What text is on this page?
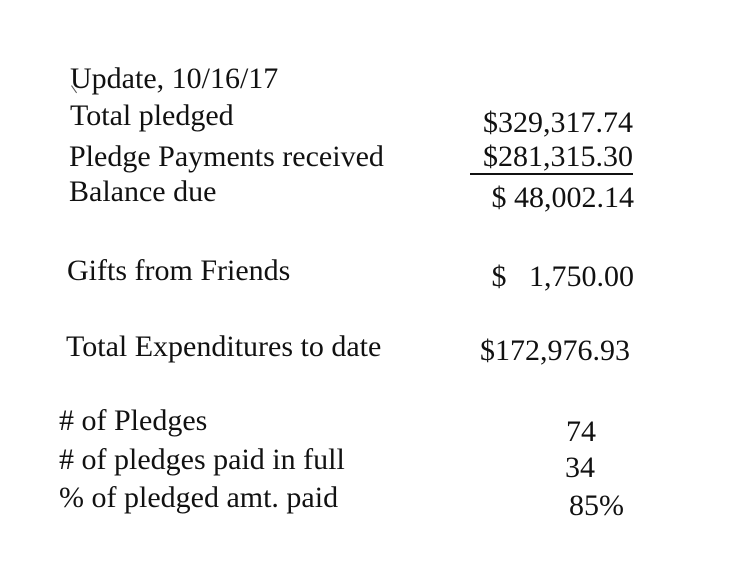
Update, 10/16/17
Total pledged	$329,317.74
Pledge Payments received	$281,315.30
Balance due	$ 48,002.14
Gifts from Friends	$   1,750.00
Total Expenditures to date	$172,976.93
# of Pledges	74
# of pledges paid in full	34
% of pledged amt. paid	85%
